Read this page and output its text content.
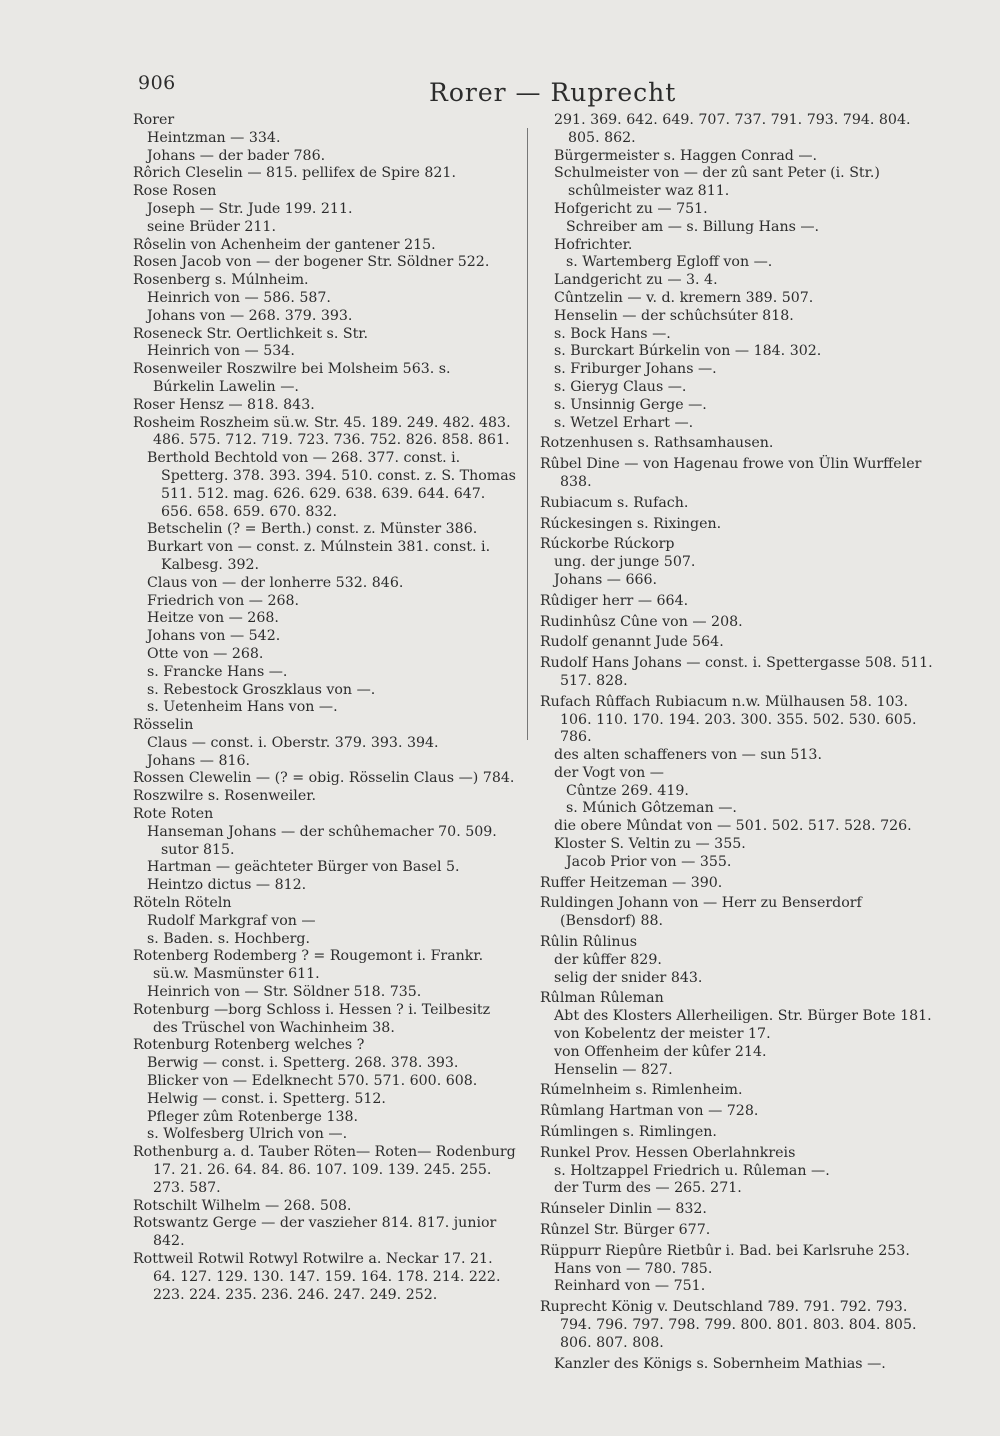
906	Rorer — Ruprecht

Rorer

Heintzman — 334.

Johans — der bader 786.

Rôrich Cleselin — 815. pellifex de Spire 821.

Rose Rosen

Joseph — Str. Jude 199. 211.

seine Brüder 211.

Rôselin von Achenheim der gantener 215.

Rosen Jacob von — der bogener Str. Söldner 522.

Rosenberg s. Múlnheim.

Heinrich von — 586. 587.

Johans von — 268. 379. 393.

Roseneck Str. Oertlichkeit s. Str.

Heinrich von — 534.

Rosenweiler Roszwilre bei Molsheim 563. s. Búrkelin Lawelin —.

Roser Hensz — 818. 843.

Rosheim Roszheim sü.w. Str. 45. 189. 249. 482. 483. 486. 575. 712. 719. 723. 736. 752. 826. 858. 861.

Berthold Bechtold von — 268. 377. const. i. Spetterg. 378. 393. 394. 510. const. z. S. Thomas 511. 512. mag. 626. 629. 638. 639. 644. 647. 656. 658. 659. 670. 832.

Betschelin (? = Berth.) const. z. Münster 386.

Burkart von — const. z. Múlnstein 381. const. i. Kalbesg. 392.

Claus von — der lonherre 532. 846.

Friedrich von — 268.

Heitze von — 268.

Johans von — 542.

Otte von — 268.

s. Francke Hans —.

s. Rebestock Groszklaus von —.

s. Uetenheim Hans von —.

Rösselin

Claus — const. i. Oberstr. 379. 393. 394.

Johans — 816.

Rossen Clewelin — (? = obig. Rösselin Claus —) 784.

Roszwilre s. Rosenweiler.

Rote Roten

Hanseman Johans — der schûhemacher 70. 509. sutor 815.

Hartman — geächteter Bürger von Basel 5.

Heintzo dictus — 812.

Röteln Röteln

Rudolf Markgraf von —

s. Baden. s. Hochberg.

Rotenberg Rodemberg ? = Rougemont i. Frankr. sü.w. Masmünster 611.

Heinrich von — Str. Söldner 518. 735.

Rotenburg —borg Schloss i. Hessen ? i. Teilbesitz des Trüschel von Wachinheim 38.

Rotenburg Rotenberg welches ?

Berwig — const. i. Spetterg. 268. 378. 393.

Blicker von — Edelknecht 570. 571. 600. 608.

Helwig — const. i. Spetterg. 512.

Pfleger zûm Rotenberge 138.

s. Wolfesberg Ulrich von —.

Rothenburg a. d. Tauber Röten— Roten— Rodenburg 17. 21. 26. 64. 84. 86. 107. 109. 139. 245. 255. 273. 587.

Rotschilt Wilhelm — 268. 508.

Rotswantz Gerge — der vaszieher 814. 817. junior 842.

Rottweil Rotwil Rotwyl Rotwilre a. Neckar 17. 21. 64. 127. 129. 130. 147. 159. 164. 178. 214. 222. 223. 224. 235. 236. 246. 247. 249. 252.

291. 369. 642. 649. 707. 737. 791. 793. 794. 804. 805. 862.

Bürgermeister s. Haggen Conrad —.

Schulmeister von — der zû sant Peter (i. Str.) schûlmeister waz 811.

Hofgericht zu — 751.

Schreiber am — s. Billung Hans —.

Hofrichter.

s. Wartemberg Egloff von —.

Landgericht zu — 3. 4.

Cûntzelin — v. d. kremern 389. 507.

Henselin — der schûchsúter 818.

s. Bock Hans —.

s. Burckart Búrkelin von — 184. 302.

s. Friburger Johans —.

s. Gieryg Claus —.

s. Unsinnig Gerge —.

s. Wetzel Erhart —.

Rotzenhusen s. Rathsamhausen.

Rûbel Dine — von Hagenau frowe von Ülin Wurffeler 838.

Rubiacum s. Rufach.

Rúckesingen s. Rixingen.

Rúckorbe Rúckorp

ung. der junge 507.

Johans — 666.

Rûdiger herr — 664.

Rudinhûsz Cûne von — 208.

Rudolf genannt Jude 564.

Rudolf Hans Johans — const. i. Spettergasse 508. 511. 517. 828.

Rufach Rûffach Rubiacum n.w. Mülhausen 58. 103. 106. 110. 170. 194. 203. 300. 355. 502. 530. 605. 786.

des alten schaffeners von — sun 513.

der Vogt von —

Cûntze 269. 419.

s. Múnich Gôtzeman —.

die obere Mûndat von — 501. 502. 517. 528. 726.

Kloster S. Veltin zu — 355.

Jacob Prior von — 355.

Ruffer Heitzeman — 390.

Ruldingen Johann von — Herr zu Benserdorf (Bensdorf) 88.

Rûlin Rûlinus

der kûffer 829.

selig der snider 843.

Rûlman Rûleman

Abt des Klosters Allerheiligen. Str. Bürger Bote 181.

von Kobelentz der meister 17.

von Offenheim der kûfer 214.

Henselin — 827.

Rúmelnheim s. Rimlenheim.

Rûmlang Hartman von — 728.

Rúmlingen s. Rimlingen.

Runkel Prov. Hessen Oberlahnkreis

s. Holtzappel Friedrich u. Rûleman —.

der Turm des — 265. 271.

Rúnseler Dinlin — 832.

Rûnzel Str. Bürger 677.

Rüppurr Riepûre Rietbûr i. Bad. bei Karlsruhe 253.

Hans von — 780. 785.

Reinhard von — 751.

Ruprecht König v. Deutschland 789. 791. 792. 793. 794. 796. 797. 798. 799. 800. 801. 803. 804. 805. 806. 807. 808.

Kanzler des Königs s. Sobernheim Mathias —.
